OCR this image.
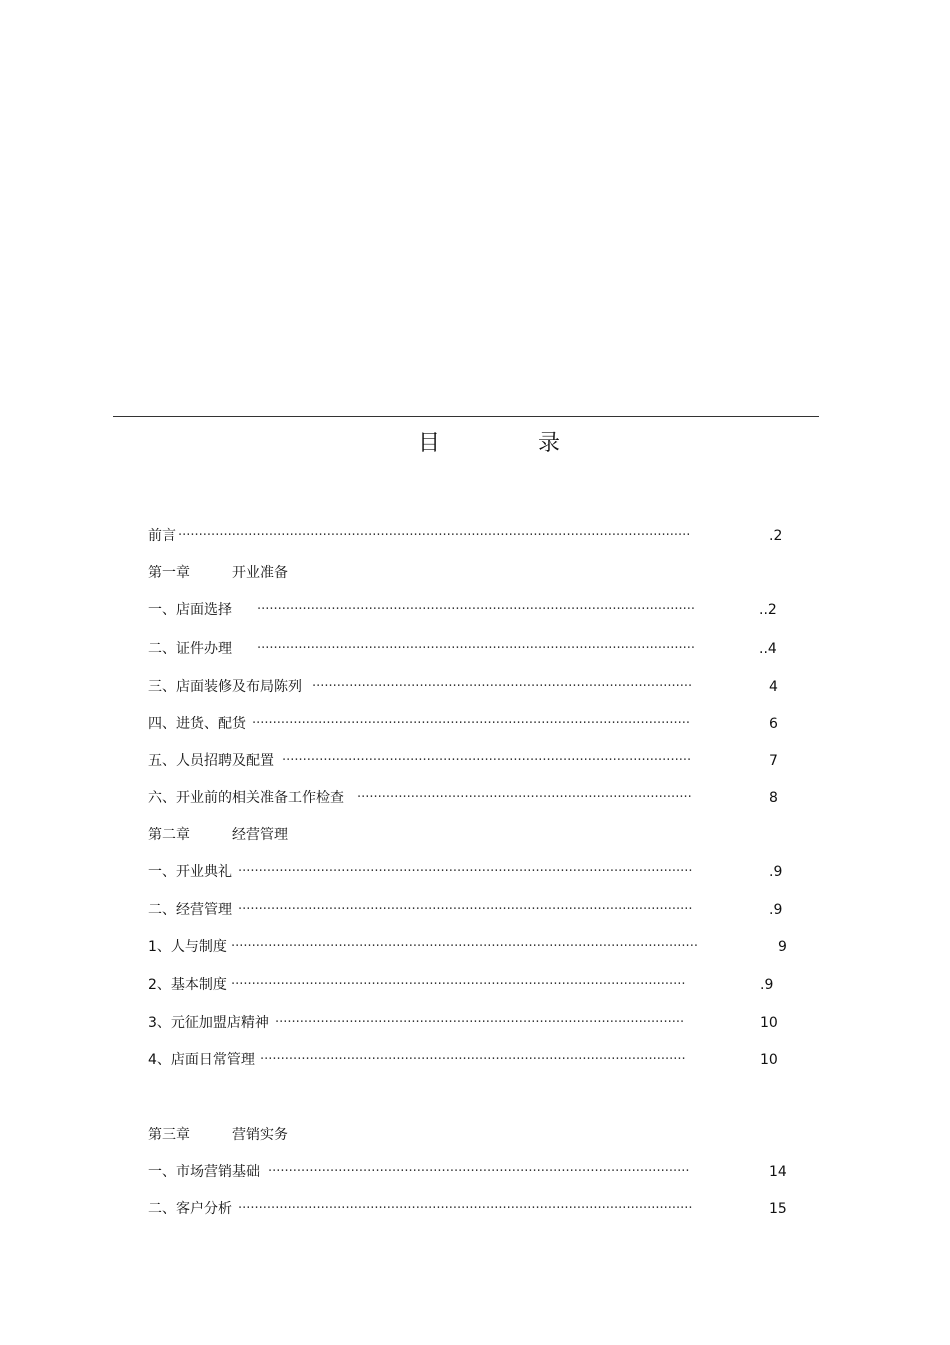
目	录
前言 ····························································································································	.2
第一章	开业准备
一、店面选择 ··········································································································	..2
二、证件办理 ··········································································································	..4
三、店面装修及布局陈列 ····························································································	4
四、进货、配货 ··········································································································	6
五、人员招聘及配置 ···································································································	7
六、开业前的相关准备工作检查 ·················································································	8
第二章	经营管理
一、开业典礼 ··············································································································	.9
二、经营管理 ··············································································································	.9
1、人与制度 ·················································································································	9
2、基本制度 ··············································································································	.9
3、元征加盟店精神 ···································································································	10
4、店面日常管理 ·······································································································	10
第三章	营销实务
一、市场营销基础 ······································································································	14
二、客户分析 ··············································································································	15
